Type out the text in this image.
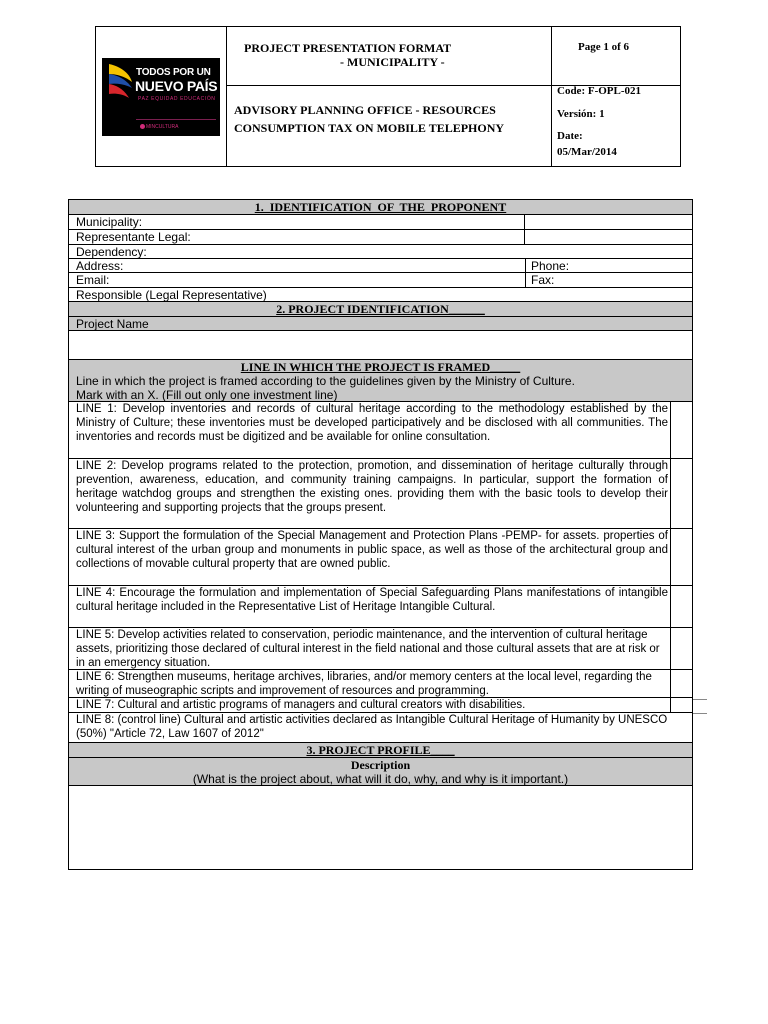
TODOS POR UN
NUEVO PAÍS
PAZ EQUIDAD EDUCACIÓN
MINCULTURA
PROJECT PRESENTATION FORMAT
- MUNICIPALITY -
ADVISORY PLANNING OFFICE - RESOURCES
CONSUMPTION TAX ON MOBILE TELEPHONY
Page 1 of 6
Code: F-OPL-021
Versión: 1
Date:
05/Mar/2014
1.  IDENTIFICATION  OF  THE  PROPONENT
Municipality:
Representante Legal:
Dependency:
Address:	Phone:
Email:	Fax:
Responsible (Legal Representative)
2. PROJECT IDENTIFICATION______
Project Name
LINE IN WHICH THE PROJECT IS FRAMED_____
Line in which the project is framed according to the guidelines given by the Ministry of Culture.
Mark with an X. (Fill out only one investment line)
LINE 1: Develop inventories and records of cultural heritage according to the methodology established by the Ministry of Culture; these inventories must be developed participatively and be disclosed with all communities. The inventories and records must be digitized and be available for online consultation.
LINE 2: Develop programs related to the protection, promotion, and dissemination of heritage culturally through prevention, awareness, education, and community training campaigns. In particular, support the formation of heritage watchdog groups and strengthen the existing ones. providing them with the basic tools to develop their volunteering and supporting projects that the groups present.
LINE 3: Support the formulation of the Special Management and Protection Plans -PEMP- for assets. properties of cultural interest of the urban group and monuments in public space, as well as those of the architectural group and collections of movable cultural property that are owned public.
LINE 4: Encourage the formulation and implementation of Special Safeguarding Plans manifestations of intangible cultural heritage included in the Representative List of Heritage Intangible Cultural.
LINE 5: Develop activities related to conservation, periodic maintenance, and the intervention of cultural heritage assets, prioritizing those declared of cultural interest in the field national and those cultural assets that are at risk or in an emergency situation.
LINE 6: Strengthen museums, heritage archives, libraries, and/or memory centers at the local level, regarding the writing of museographic scripts and improvement of resources and programming.
LINE 7: Cultural and artistic programs of managers and cultural creators with disabilities.
LINE 8: (control line) Cultural and artistic activities declared as Intangible Cultural Heritage of Humanity by UNESCO (50%) "Article 72, Law 1607 of 2012"
3. PROJECT PROFILE____
Description
(What is the project about, what will it do, why, and why is it important.)
